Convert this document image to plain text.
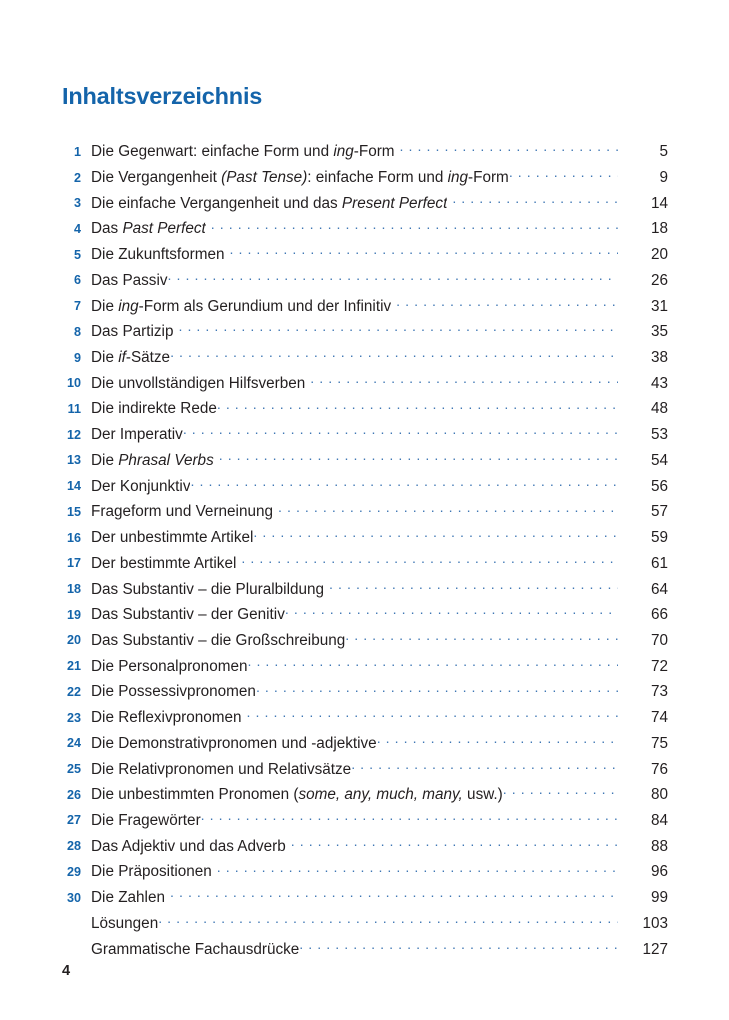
Inhaltsverzeichnis
1 Die Gegenwart: einfache Form und ing-Form . . .	5
2 Die Vergangenheit (Past Tense): einfache Form und ing-Form . . .	9
3 Die einfache Vergangenheit und das Present Perfect . . .	14
4 Das Past Perfect . . .	18
5 Die Zukunftsformen . . .	20
6 Das Passiv . . .	26
7 Die ing-Form als Gerundium und der Infinitiv . . .	31
8 Das Partizip . . .	35
9 Die if-Sätze . . .	38
10 Die unvollständigen Hilfsverben . . .	43
11 Die indirekte Rede . . .	48
12 Der Imperativ . . .	53
13 Die Phrasal Verbs . . .	54
14 Der Konjunktiv . . .	56
15 Frageform und Verneinung . . .	57
16 Der unbestimmte Artikel . . .	59
17 Der bestimmte Artikel . . .	61
18 Das Substantiv – die Pluralbildung . . .	64
19 Das Substantiv – der Genitiv . . .	66
20 Das Substantiv – die Großschreibung . . .	70
21 Die Personalpronomen . . .	72
22 Die Possessivpronomen . . .	73
23 Die Reflexivpronomen . . .	74
24 Die Demonstrativpronomen und -adjektive . . .	75
25 Die Relativpronomen und Relativsätze . . .	76
26 Die unbestimmten Pronomen (some, any, much, many, usw.) . . .	80
27 Die Fragewörter . . .	84
28 Das Adjektiv und das Adverb . . .	88
29 Die Präpositionen . . .	96
30 Die Zahlen . . .	99
Lösungen . . .	103
Grammatische Fachausdrücke . . .	127
4
